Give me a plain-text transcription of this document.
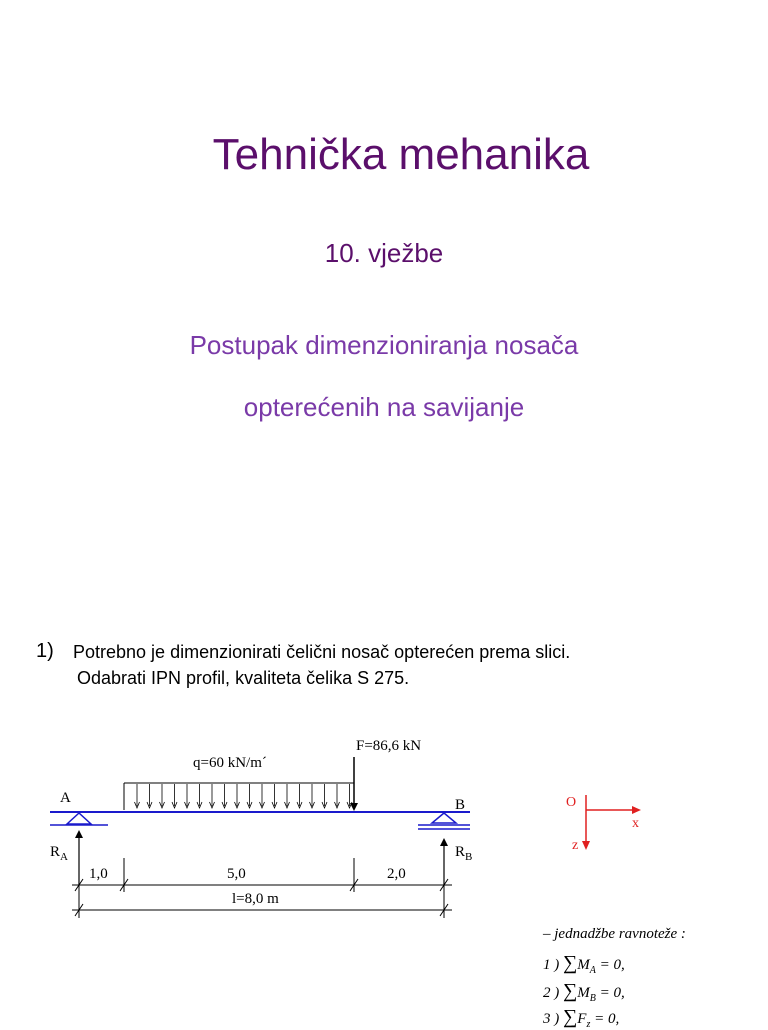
Tehnička mehanika
10. vježbe
Postupak dimenzioniranja nosača
opterećenih na savijanje
1) Potrebno je dimenzionirati čelični nosač opterećen prema slici.
Odabrati IPN profil, kvaliteta čelika S 275.
F=86,6 kN
q=60 kN/m´
A	B
$R_A$	$R_B$
1,0	5,0	2,0
l=8,0 m
O
x
z
– jednadžbe ravnoteže :
1 ) $\sum M_A = 0$,
2 ) $\sum M_B = 0$,
3 ) $\sum F_z = 0$,
